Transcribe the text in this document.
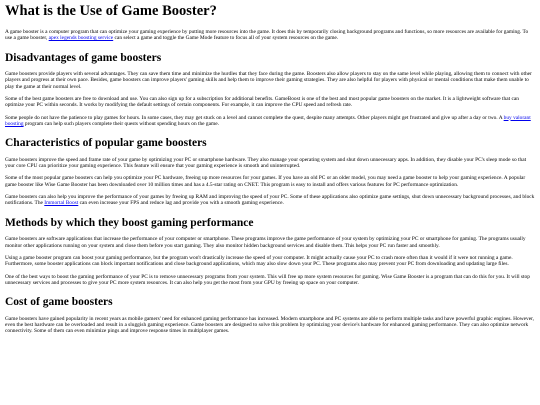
What is the Use of Game Booster?

A game booster is a computer program that can optimize your gaming experience by putting more resources into the game. It does this by temporarily closing background programs and functions, so more resources are available for gaming. To use a game booster, apex legends boosting service can select a game and toggle the Game Mode feature to focus all of your system resources on the game.

Disadvantages of game boosters

Game boosters provide players with several advantages. They can save them time and minimize the hurdles that they face during the game. Boosters also allow players to stay on the same level while playing, allowing them to connect with other players and progress at their own pace. Besides, game boosters can improve players' gaming skills and help them to improve their gaming strategies. They are also helpful for players with physical or mental conditions that make them unable to play the game at their normal level.

Some of the best game boosters are free to download and use. You can also sign up for a subscription for additional benefits. GameBoost is one of the best and most popular game boosters on the market. It is a lightweight software that can optimize your PC within seconds. It works by modifying the default settings of certain components. For example, it can improve the CPU speed and refresh rate.

Some people do not have the patience to play games for hours. In some cases, they may get stuck on a level and cannot complete the quest, despite many attempts. Other players might get frustrated and give up after a day or two. A buy valorant boosting program can help such players complete their quests without spending hours on the game.

Characteristics of popular game boosters

Game boosters improve the speed and frame rate of your game by optimizing your PC or smartphone hardware. They also manage your operating system and shut down unnecessary apps. In addition, they disable your PC's sleep mode so that your core CPU can prioritize your gaming experience. This feature will ensure that your gaming experience is smooth and uninterrupted.

Some of the most popular game boosters can help you optimize your PC hardware, freeing up more resources for your games. If you have an old PC or an older model, you may need a game booster to help your gaming experience. A popular game booster like Wise Game Booster has been downloaded over 10 million times and has a 4.5-star rating on CNET. This program is easy to install and offers various features for PC performance optimization.

Game boosters can also help you improve the performance of your games by freeing up RAM and improving the speed of your PC. Some of these applications also optimize game settings, shut down unnecessary background processes, and block notifications. The Immortal Boost can even increase your FPS and reduce lag and provide you with a smooth gaming experience.

Methods by which they boost gaming performance

Game boosters are software applications that increase the performance of your computer or smartphone. These programs improve the game performance of your system by optimizing your PC or smartphone for gaming. The programs usually monitor other applications running on your system and close them before you start gaming. They also monitor hidden background services and disable them. This helps your PC run faster and smoothly.

Using a game booster program can boost your gaming performance, but the program won't drastically increase the speed of your computer. It might actually cause your PC to crash more often than it would if it were not running a game. Furthermore, some booster applications can block important notifications and close background applications, which may also slow down your PC. These programs also may prevent your PC from downloading and updating large files.

One of the best ways to boost the gaming performance of your PC is to remove unnecessary programs from your system. This will free up more system resources for gaming. Wise Game Booster is a program that can do this for you. It will stop unnecessary services and processes to give your PC more system resources. It can also help you get the most from your GPU by freeing up space on your computer.

Cost of game boosters

Game boosters have gained popularity in recent years as mobile gamers' need for enhanced gaming performance has increased. Modern smartphone and PC systems are able to perform multiple tasks and have powerful graphic engines. However, even the best hardware can be overloaded and result in a sluggish gaming experience. Game boosters are designed to solve this problem by optimizing your device's hardware for enhanced gaming performance. They can also optimize network connectivity. Some of them can even minimize pings and improve response times in multiplayer games.
